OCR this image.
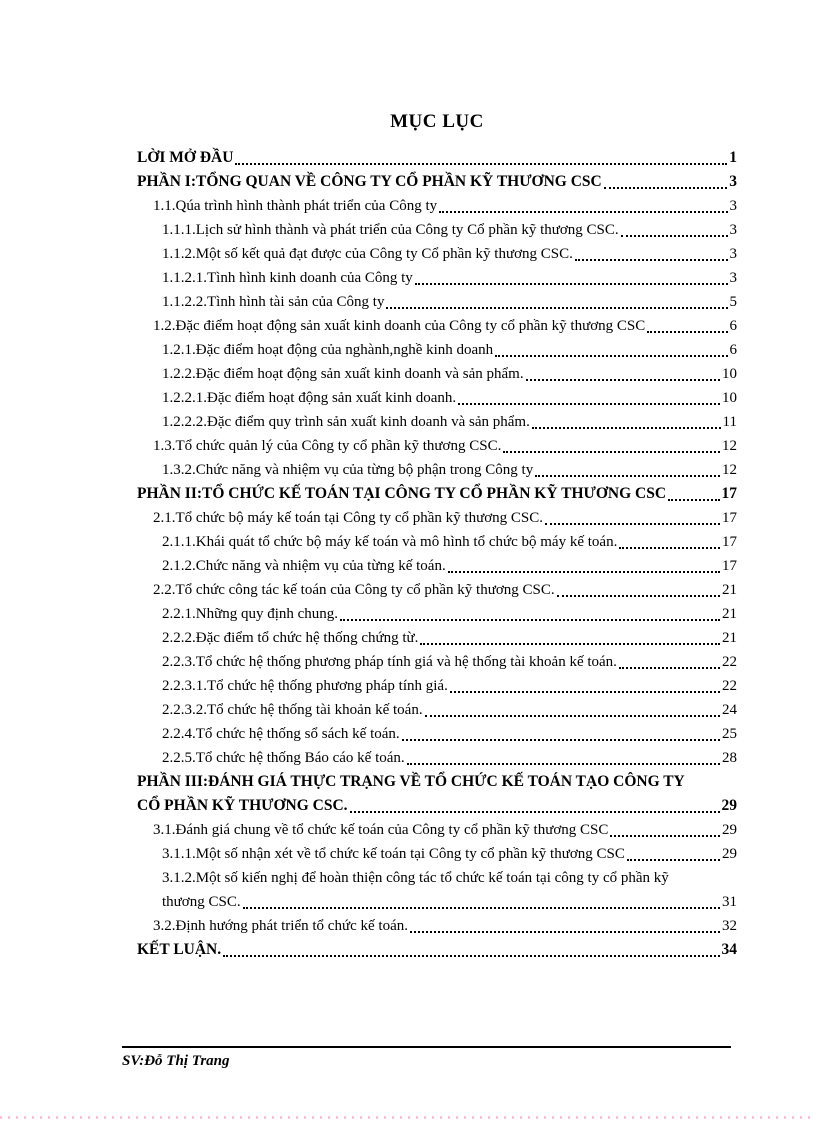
MỤC LỤC
LỜI MỞ ĐẦU	1
PHẦN I:TỔNG QUAN VỀ CÔNG TY CỔ PHẦN KỸ THƯƠNG CSC	3
1.1.Qúa trình hình thành phát triển của Công ty	3
1.1.1.Lịch sử hình thành và phát triển của Công ty Cổ phần kỹ thương CSC.	3
1.1.2.Một số kết quả đạt được của Công ty Cổ phần kỹ thương CSC.	3
1.1.2.1.Tình hình kinh doanh của Công ty	3
1.1.2.2.Tình hình tài sản của Công ty	5
1.2.Đặc điểm hoạt động sản xuất kinh doanh của Công ty cổ phần kỹ thương CSC	6
1.2.1.Đặc điểm hoạt động của nghành,nghề kinh doanh	6
1.2.2.Đặc điểm hoạt động sản xuất kinh doanh và sản phẩm.	10
1.2.2.1.Đặc điểm hoạt động sản xuất kinh doanh.	10
1.2.2.2.Đặc điểm quy trình sản xuất kinh doanh và sản phẩm.	11
1.3.Tổ chức quản lý của Công ty cổ phần kỹ thương CSC.	12
1.3.2.Chức năng và nhiệm vụ của từng bộ phận trong Công ty	12
PHẦN II:TỔ CHỨC KẾ TOÁN TẠI CÔNG TY CỔ PHẦN KỸ THƯƠNG CSC	17
2.1.Tổ chức bộ máy kế toán tại Công ty cổ phần kỹ thương CSC.	17
2.1.1.Khái quát tổ chức bộ máy kế toán và mô hình tổ chức bộ máy kế toán.	17
2.1.2.Chức năng và nhiệm vụ của từng kế toán.	17
2.2.Tổ chức công tác kế toán của Công ty cổ phần kỹ thương CSC.	21
2.2.1.Những quy định chung.	21
2.2.2.Đặc điểm tổ chức hệ thống chứng từ.	21
2.2.3.Tổ chức hệ thống phương pháp tính giá và hệ thống tài khoản kế toán.	22
2.2.3.1.Tổ chức hệ thống phương pháp tính giá.	22
2.2.3.2.Tổ chức hệ thống tài khoản kế toán.	24
2.2.4.Tổ chức hệ thống sổ sách kế toán.	25
2.2.5.Tổ chức hệ thống Báo cáo kế toán.	28
PHẦN III:ĐÁNH GIÁ THỰC TRẠNG VỀ TỔ CHỨC KẾ TOÁN TẠO CÔNG TY
CỔ PHẦN KỸ THƯƠNG CSC.	29
3.1.Đánh giá chung về tổ chức kế toán của Công ty cổ phần kỹ thương CSC	29
3.1.1.Một số nhận xét về tổ chức kế toán tại Công ty cổ phần kỹ thương CSC	29
3.1.2.Một số kiến nghị để hoàn thiện công tác tổ chức kế toán tại công ty cổ phần kỹ
thương CSC.	31
3.2.Định hướng phát triển tổ chức kế toán.	32
KẾT LUẬN.	34
SV:Đỗ Thị Trang
